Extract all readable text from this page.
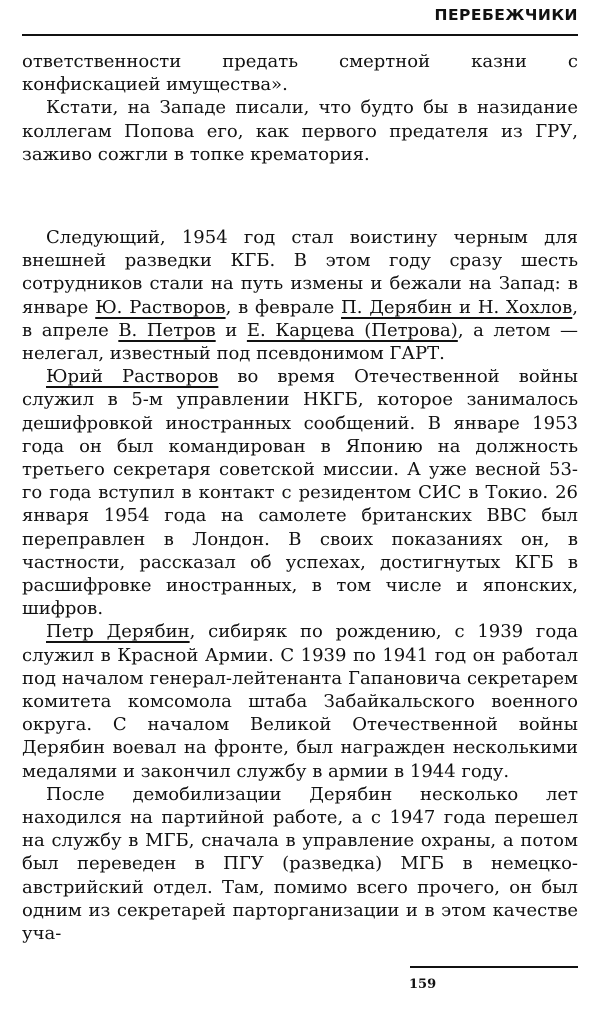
ПЕРЕБЕЖЧИКИ

ответственности предать смертной казни с конфискацией имущества».

Кстати, на Западе писали, что будто бы в назидание коллегам Попова его, как первого предателя из ГРУ, заживо сожгли в топке крематория.

Следующий, 1954 год стал воистину черным для внешней разведки КГБ. В этом году сразу шесть сотрудников стали на путь измены и бежали на Запад: в январе Ю. Растворов, в феврале П. Дерябин и Н. Хохлов, в апреле В. Петров и Е. Карцева (Петрова), а летом — нелегал, известный под псевдонимом ГАРТ.

Юрий Растворов во время Отечественной войны служил в 5-м управлении НКГБ, которое занималось дешифровкой иностранных сообщений. В январе 1953 года он был командирован в Японию на должность третьего секретаря советской миссии. А уже весной 53-го года вступил в контакт с резидентом СИС в Токио. 26 января 1954 года на самолете британских ВВС был переправлен в Лондон. В своих показаниях он, в частности, рассказал об успехах, достигнутых КГБ в расшифровке иностранных, в том числе и японских, шифров.

Петр Дерябин, сибиряк по рождению, с 1939 года служил в Красной Армии. С 1939 по 1941 год он работал под началом генерал-лейтенанта Гапановича секретарем комитета комсомола штаба Забайкальского военного округа. С началом Великой Отечественной войны Дерябин воевал на фронте, был награжден несколькими медалями и закончил службу в армии в 1944 году.

После демобилизации Дерябин несколько лет находился на партийной работе, а с 1947 года перешел на службу в МГБ, сначала в управление охраны, а потом был переведен в ПГУ (разведка) МГБ в немецко-австрийский отдел. Там, помимо всего прочего, он был одним из секретарей парторганизации и в этом качестве уча-

159
